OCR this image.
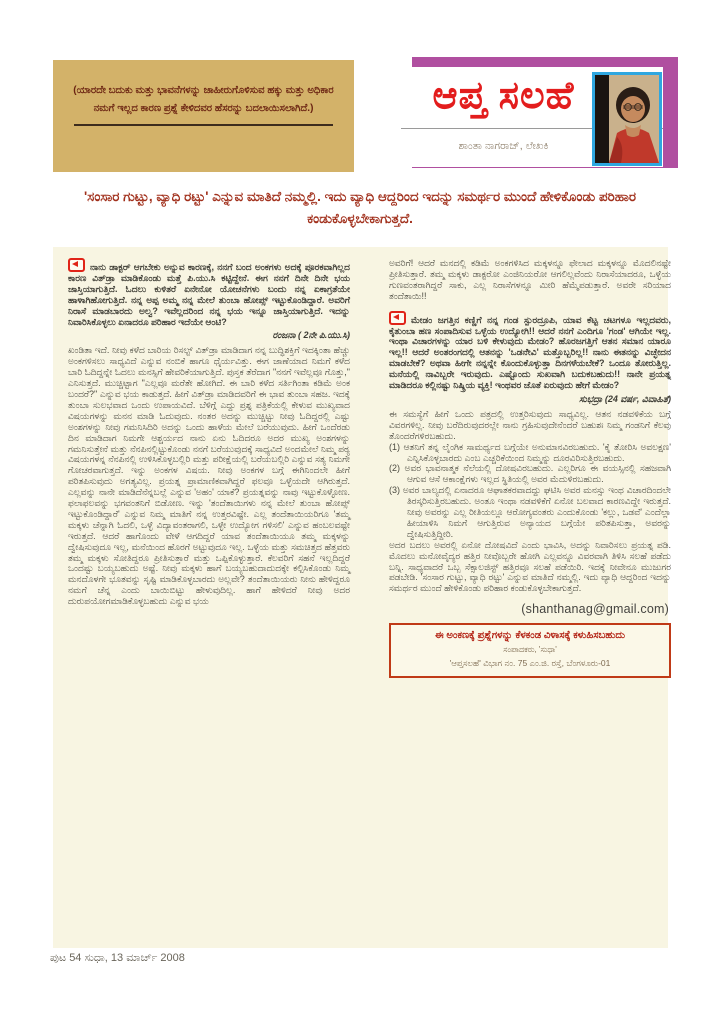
(ಯಾರದೇ ಬದುಕು ಮತ್ತು ಭಾವನೆಗಳನ್ನು ಜಾಹೀರುಗೊಳಿಸುವ ಹಕ್ಕು ಮತ್ತು ಅಧಿಕಾರ ನಮಗೆ ಇಲ್ಲದ ಕಾರಣ ಪ್ರಶ್ನೆ ಕೇಳಿದವರ ಹೆಸರನ್ನು ಬದಲಾಯಿಸಲಾಗಿದೆ.)	ಆಪ್ತ ಸಲಹೆ
ಶಾಂತಾ ನಾಗರಾಜ್, ಲೇಖಕಿ
'ಸಂಸಾರ ಗುಟ್ಟು, ವ್ಯಾಧಿ ರಟ್ಟು' ಎನ್ನುವ ಮಾತಿದೆ ನಮ್ಮಲ್ಲಿ. ಇದು ವ್ಯಾಧಿ ಆದ್ದರಿಂದ ಇದನ್ನು ಸಮರ್ಥರ ಮುಂದೆ ಹೇಳಿಕೊಂಡು ಪರಿಹಾರ ಕಂಡುಕೊಳ್ಳಬೇಕಾಗುತ್ತದೆ.

ನಾನು ಡಾಕ್ಟರ್ ಆಗಬೇಕು ಅನ್ನುವ ಕಾರಣಕ್ಕೆ, ನನಗೆ ಬಂದ ಅಂಕಗಳು ಅದಕ್ಕೆ ಪೂರಕವಾಗಿಲ್ಲದ ಕಾರಣ ವಿತ್‌ಡ್ರಾ ಮಾಡಿಕೊಂಡು ಮತ್ತೆ ಪಿ.ಯು.ಸಿ ಕಟ್ಟಿದ್ದೇನೆ. ಈಗ ನನಗೆ ದಿನೇ ದಿನೇ ಭಯ ಜಾಸ್ತಿಯಾಗುತ್ತಿದೆ. ಓದಲು ಕುಳಿತರೆ ಏನೇನೋ ಯೋಚನೆಗಳು ಬಂದು ನನ್ನ ಏಕಾಗ್ರತೆಯೇ ಹಾಳಾಗಿಹೋಗುತ್ತಿದೆ. ನನ್ನ ಅಪ್ಪ ಅಮ್ಮ ನನ್ನ ಮೇಲೆ ತುಂಬಾ ಹೋಪ್ಸ್ ಇಟ್ಟುಕೊಂಡಿದ್ದಾರೆ. ಅವರಿಗೆ ನಿರಾಸೆ ಮಾಡಬಾರದು ಅಲ್ವ? ಇವೆಲ್ಲದರಿಂದ ನನ್ನ ಭಯ ಇನ್ನೂ ಜಾಸ್ತಿಯಾಗುತ್ತಿದೆ. ಇದನ್ನು ನಿವಾರಿಸಿಕೊಳ್ಳಲು ಏನಾದರೂ ಪರಿಹಾರ ಇದೆಯೇ ಆಂಟಿ?

ರಂಜನಾ ( 2ನೇ ಪಿ.ಯು.ಸಿ)

ಖಂಡಿತಾ ಇದೆ. ನೀವು ಕಳೆದ ಬಾರಿಯ ರಿಸಲ್ಟ್ ವಿತ್‌ಡ್ರಾ ಮಾಡಿದಾಗ ನನ್ನ ಬುದ್ಧಿಶಕ್ತಿಗೆ ಇದಕ್ಕಿಂತಾ ಹೆಚ್ಚು ಅಂಕಗಳಿಸಲು ಸಾಧ್ಯವಿದೆ ಎನ್ನುವ ನಂಬಿಕೆ ಹಾಗೂ ಧೈರ್ಯವಿತ್ತು. ಈಗ ಜಾಣೆಯಾದ ನಿಮಗೆ ಕಳೆದ ಬಾರಿ ಓದಿದ್ದನ್ನೇ ಓದಲು ಮನಸ್ಸಿಗೆ ಹೇವರಿಕೆಯಾಗುತ್ತಿದೆ. ಪುಸ್ತಕ ತೆರೆದಾಗ "ನನಗೆ ಇವೆಲ್ಲವೂ ಗೊತ್ತು," ಎನಿಸುತ್ತದೆ. ಮುಚ್ಚಿಟ್ಟಾಗ "ಎಲ್ಲವೂ ಮರೆತೇ ಹೋಗಿದೆ. ಈ ಬಾರಿ ಕಳೆದ ಸರ್ತಿಗಿಂತಾ ಕಡಿಮೆ ಅಂಕ ಬಂದರೆ?" ಎನ್ನುವ ಭಯ ಕಾಡುತ್ತದೆ. ಹೀಗೆ ವಿತ್‌ಡ್ರಾ ಮಾಡಿದವರಿಗೆ ಈ ಭಾವ ತುಂಬಾ ಸಹಜ. ಇದಕ್ಕೆ ತುಂಬಾ ಸುಲಭವಾದ ಒಂದು ಉಪಾಯವಿದೆ. ಬೆಳಿಗ್ಗೆ ಎದ್ದು ಪ್ರಶ್ನ ಪತ್ರಿಕೆಯಲ್ಲಿ ಕೇಳುವ ಮುಖ್ಯವಾದ ವಿಷಯಗಳನ್ನು ಮನನ ಮಾಡಿ ಓದುವುದು. ನಂತರ ಅದನ್ನು ಮುಚ್ಚಿಟ್ಟು ನೀವು ಓದಿದ್ದರಲ್ಲಿ ಎಷ್ಟು ಅಂಶಗಳನ್ನು ನೀವು ಗಮನಿಸಿದಿರಿ ಅದನ್ನು ಒಂದು ಹಾಳೆಯ ಮೇಲೆ ಬರೆಯುವುದು. ಹೀಗೆ ಒಂದೆರಡು ದಿನ ಮಾಡಿದಾಗ ನಿಮಗೇ ಆಶ್ಚರ್ಯದ ನಾನು ಏನು ಓದಿದರೂ ಅದರ ಮುಖ್ಯ ಅಂಶಗಳನ್ನು ಗಮನಿಸುತ್ತೇನೆ ಮತ್ತು ನೆನಪಿನಲ್ಲಿಟ್ಟುಕೊಂಡು ನನಗೆ ಬರೆಯುವುದಕ್ಕೆ ಸಾಧ್ಯವಿದೆ ಅಂದಮೇಲೆ ನಿಮ್ಮ ಪಠ್ಯ ವಿಷಯಗಳನ್ನ ನೆನಪಿನಲ್ಲಿ ಉಳಿಸಿಕೊಳ್ಳಬಲ್ಲಿರಿ ಮತ್ತು ಪರೀಕ್ಷೆಯಲ್ಲಿ ಬರೆಯಬಲ್ಲಿರಿ ಎನ್ನುವ ಸತ್ಯ ನಿಮಗೇ ಗೋಚರವಾಗುತ್ತದೆ. ಇನ್ನು ಅಂಕಗಳ ವಿಷಯ. ನೀವು ಅಂಕಗಳ ಬಗ್ಗೆ ಈಗಿನಿಂದಲೇ ಹೀಗೆ ಪರಿತಪಿಸುವುದು ಅಗತ್ಯವಿಲ್ಲ. ಪ್ರಯತ್ನ ಪ್ರಾಮಾಣಿಕವಾಗಿದ್ದರೆ ಫಲವೂ ಒಳ್ಳೆಯದೇ ಆಗಿರುತ್ತದೆ. ಎಲ್ಲವನ್ನು ನಾನೇ ಮಾಡಿದೆನೆನ್ನಬಲ್ಲೆ ಎನ್ನುವ 'ಅಹಂ' ಯಾಕೆ? ಪ್ರಯತ್ನವನ್ನು ನಾವು ಇಟ್ಟುಕೊಳ್ಳೋಣ. ಫಲಾಫಲವನ್ನು ಭಗವಂತನಿಗೆ ಬಿಡೋಣ. ಇನ್ನು 'ತಂದೆತಾಯಿಗಳು ನನ್ನ ಮೇಲೆ ತುಂಬಾ ಹೋಪ್ಸ್ ಇಟ್ಟುಕೊಂಡಿದ್ದಾರೆ' ಎನ್ನುವ ನಿಮ್ಮ ಮಾತಿಗೆ ನನ್ನ ಉತ್ತರವಿಷ್ಟೇ. ಎಲ್ಲ ತಂದೆತಾಯಿಯರಿಗೂ 'ತಮ್ಮ ಮಕ್ಕಳು ಚೆನ್ನಾಗಿ ಓದಲಿ, ಒಳ್ಳೆ ವಿದ್ಯಾವಂತರಾಗಲಿ, ಒಳ್ಳೇ ಉದ್ಯೋಗ ಗಳಿಸಲಿ' ಎನ್ನುವ ಹಂಬಲವಷ್ಟೇ ಇರುತ್ತದೆ. ಆದರೆ ಹಾಗೊಂದು ವೇಳೆ ಆಗದಿದ್ದರೆ ಯಾವ ತಂದೆತಾಯಿಯೂ ತಮ್ಮ ಮಕ್ಕಳನ್ನು ದ್ವೇಷಿಸುವುದೂ ಇಲ್ಲ, ಮನೆಯಿಂದ ಹೊರಗೆ ಅಟ್ಟುವುದೂ ಇಲ್ಲ. ಒಳ್ಳೆಯ ಮತ್ತು ಸಮಚಿತ್ತದ ಹೆತ್ತವರು ತಮ್ಮ ಮಕ್ಕಳು ಸೋತಿದ್ದರೂ ಪ್ರೀತಿಸುತ್ತಾರೆ ಮತ್ತು ಒಪ್ಪಿಕೊಳ್ಳುತ್ತಾರೆ. ಕೆಲವರಿಗೆ ಸಹನೆ ಇಲ್ಲದಿದ್ದರೆ ಒಂದಷ್ಟು ಬಯ್ಯಬಹುದು ಅಷ್ಟೆ. ನೀವು ಮಕ್ಕಳು ಹಾಗೆ ಬಯ್ಯಬಹುದಾದುದಕ್ಕೇ ಕಲ್ಪಿಸಿಕೊಂಡು ನಿಮ್ಮ ಮನದೊಳಗೇ ಭೂತವನ್ನು ಸೃಷ್ಟಿ ಮಾಡಿಕೊಳ್ಳಬಾರದು ಅಲ್ಲವೇ? ತಂದೆತಾಯಿಯರು ನೀನು ಹೇಳಿದ್ದರೂ ನಮಗೆ ಚೆನ್ನ ಎಂದು ಬಾಯಿಬಿಟ್ಟು ಹೇಳುವುದಿಲ್ಲ. ಹಾಗೆ ಹೇಳಿದರೆ ನೀವು ಅದರ ದುರುಪಯೋಗಮಾಡಿಕೊಳ್ಳಬಹುದು ಎನ್ನುವ ಭಯ

ಅವರಿಗೆ! ಆದರೆ ಮನದಲ್ಲಿ ಕಡಿಮೆ ಅಂಕಗಳಿಸಿದ ಮಕ್ಕಳನ್ನೂ ಫೇಲಾದ ಮಕ್ಕಳನ್ನೂ ಮೊದಲಿನಷ್ಟೇ ಪ್ರೀತಿಸುತ್ತಾರೆ. ತಮ್ಮ ಮಕ್ಕಳು ಡಾಕ್ಟರೋ ಎಂಜಿನಿಯರೋ ಆಗಲಿಲ್ಲವೆಂದು ನಿರಾಸೆಯಾದರೂ, ಒಳ್ಳೆಯ ಗುಣವಂತರಾಗಿದ್ದರೆ ಸಾಕು, ಎಲ್ಲ ನಿರಾಸೆಗಳನ್ನೂ ಮೀರಿ ಹೆಮ್ಮೆಪಡುತ್ತಾರೆ. ಅವರೇ ಸರಿಯಾದ ತಂದೆತಾಯಿ!!

ಮೇಡಂ ಜಗತ್ತಿನ ಕಣ್ಣಿಗೆ ನನ್ನ ಗಂಡ ಸ್ಪುರದ್ರೂಪಿ, ಯಾವ ಕೆಟ್ಟ ಚಟಗಳೂ ಇಲ್ಲದವರು, ಕೈತುಂಬಾ ಹಣ ಸಂಪಾದಿಸುವ ಒಳ್ಳೆಯ ಉದ್ಯೋಗಿ!! ಆದರೆ ನನಗೆ ಎಂದಿಗೂ 'ಗಂಡ' ಆಗಿಯೇ ಇಲ್ಲ. ಇಂಥಾ ವಿಚಾರಗಳನ್ನು ಯಾರ ಬಳಿ ಕೇಳುವುದು ಮೇಡಂ? ಹೊರಜಗತ್ತಿಗೆ ಆತನ ಸಮಾನ ಯಾರೂ ಇಲ್ಲ!! ಆದರೆ ಅಂತರಂಗದಲ್ಲಿ ಆತನನ್ನು 'ಒಡನೆೇವಿ' ಮತ್ತೊಬ್ಬರಿಲ್ಲ!! ನಾನು ಈತನನ್ನು ವಿಚ್ಛೇದನ ಮಾಡಬೇಕೆ? ಅಥವಾ ಹೀಗೇ ನನ್ನನ್ನೇ ಕೊಂದುಕೊಳ್ಳುತ್ತಾ ದಿನಗಳೆಯಬೇಕೆ? ಒಂದೂ ತೋರುತ್ತಿಲ್ಲ. ಮನೆಯಲ್ಲಿ ನಾವಿಬ್ಬರೇ ಇರುವುದು. ಎಷ್ಟೊಂದು ಸುಖವಾಗಿ ಬದುಕಬಹುದು!! ನಾನೇ ಪ್ರಯತ್ನ ಮಾಡಿದರೂ ಕಲ್ಲಿನಷ್ಟು ನಿಷ್ಕ್ರಿಯ ವ್ಯಕ್ತಿ! ಇಂಥವರ ಜೊತೆ ಏರುವುದು ಹೇಗೆ ಮೇಡಂ?

ಸುಭದ್ರಾ (24 ವರ್ಷ, ವಿವಾಹಿತೆ)

ಈ ಸಮಸ್ಯೆಗೆ ಹೀಗೆ ಒಂದು ಪತ್ರದಲ್ಲಿ ಉತ್ತರಿಸುವುದು ಸಾಧ್ಯವಿಲ್ಲ. ಆತನ ನಡವಳಿಕೆಯ ಬಗ್ಗೆ ವಿವರಗಳಿಲ್ಲ. ನೀವು ಬರೆದಿರುವುದರಲ್ಲೇ ನಾನು ಗ್ರಹಿಸುವುದೇನೆಂದರೆ ಬಹುಶಃ ನಿಮ್ಮ ಗಂಡನಿಗೆ ಕೆಲವು ತೊಂದರೆಗಳಿರಬಹುದು.

(1) ಆತನಿಗೆ ತನ್ನ ಲೈಂಗಿಕ ಸಾಮರ್ಥ್ಯದ ಬಗ್ಗೆಯೇ ಅನುಮಾನವಿರಬಹುದು. 'ಕೈ ತೋರಿಸಿ ಅವಲಕ್ಷಣ' ಎನ್ನಿಸಿಕೊಳ್ಳಬಾರದು ಎಂಬ ಎಚ್ಚರಿಕೆಯಿಂದ ನಿಮ್ಮನ್ನು ದೂರವಿರಿಸುತ್ತಿರಬಹುದು.

(2) ಅವರ ಭಾವನಾತ್ಮಕ ನೆಲೆಯಲ್ಲಿ ದೋಷವಿರಬಹುದು. ಎಲ್ಲರಿಗೂ ಈ ವಯಸ್ಸಿನಲ್ಲಿ ಸಹಜವಾಗಿ ಆಗುವ ಆಸೆ ಆಕಾಂಕ್ಷೆಗಳು ಇಲ್ಲದ ಸ್ಥಿತಿಯಲ್ಲಿ ಅವರ ಮೆದುಳಿರಬಹುದು.

(3) ಅವರ ಬಾಲ್ಯದಲ್ಲಿ ಏನಾದರೂ ಆಘಾತಕರವಾದದ್ದು ಘಟಿಸಿ ಅವರ ಮನಸ್ಸು ಇಂಥ ವಿಚಾರದಿಂದಲೇ ತಿರಸ್ಕರಿಸುತ್ತಿರಬಹುದು. ಅಂತೂ ಇಂಥಾ ನಡವಳಿಕೆಗೆ ಏನೋ ಬಲವಾದ ಕಾರಣವಿದ್ದೇ ಇರುತ್ತದೆ. ನೀವು ಅವರನ್ನು ಎಲ್ಲ ರೀತಿಯಲ್ಲೂ ಆರೋಗ್ಯವಂತರು ಎಂದುಕೊಂಡು 'ಕಲ್ಲು, ಒಡವೆ' ಎಂದೆಲ್ಲಾ ಹೀಯಾಳಿಸಿ ನಿಮಗೆ ಆಗುತ್ತಿರುವ ಅನ್ಯಾಯದ ಬಗ್ಗೆಯೇ ಪರಿತಪಿಸುತ್ತಾ, ಅವರನ್ನು ದ್ವೇಷಿಸುತ್ತಿದ್ದೀರಿ.

ಅದರ ಬದಲು ಅವರಲ್ಲಿ ಏನೋ ದೋಷವಿದೆ ಎಂದು ಭಾವಿಸಿ, ಅದನ್ನು ನಿವಾರಿಸಲು ಪ್ರಯತ್ನ ಪಡಿ. ಮೊದಲು ಮನೋವೈದ್ಯರ ಹತ್ತಿರ ನೀವೊಬ್ಬರೇ ಹೋಗಿ ಎಲ್ಲವನ್ನೂ ವಿವರವಾಗಿ ತಿಳಿಸಿ ಸಲಹೆ ಪಡೆದು ಬನ್ನಿ. ಸಾಧ್ಯವಾದರೆ ಒಬ್ಬ ಸೆಕ್ಸಾಲಜಿಸ್ಟ್ ಹತ್ತಿರವೂ ಸಲಹೆ ಪಡೆಯಿರಿ. ಇದಕ್ಕೆ ನೀವೇನೂ ಮುಜುಗರ ಪಡಬೇಡಿ. 'ಸಂಸಾರ ಗುಟ್ಟು, ವ್ಯಾಧಿ ರಟ್ಟು' ಎನ್ನುವ ಮಾತಿದೆ ನಮ್ಮಲ್ಲಿ. ಇದು ವ್ಯಾಧಿ ಆದ್ದರಿಂದ ಇದನ್ನು ಸಮರ್ಥರ ಮುಂದೆ ಹೇಳಿಕೊಂಡು ಪರಿಹಾರ ಕಂಡುಕೊಳ್ಳಬೇಕಾಗುತ್ತದೆ.

(shanthanag@gmail.com)
ಈ ಅಂಕಣಕ್ಕೆ ಪ್ರಶ್ನೆಗಳನ್ನು ಕೆಳಕಂಡ ವಿಳಾಸಕ್ಕೆ ಕಳುಹಿಸಬಹುದು
ಸಂಪಾದಕರು, 'ಸುಧಾ'
'ಆಪ್ತಸಲಹೆ' ವಿಭಾಗ ನಂ. 75 ಎಂ.ಜಿ. ರಸ್ತೆ, ಬೆಂಗಳೂರು-01
ಪುಟ 54 ಸುಧಾ, 13 ಮಾರ್ಚ್ 2008
